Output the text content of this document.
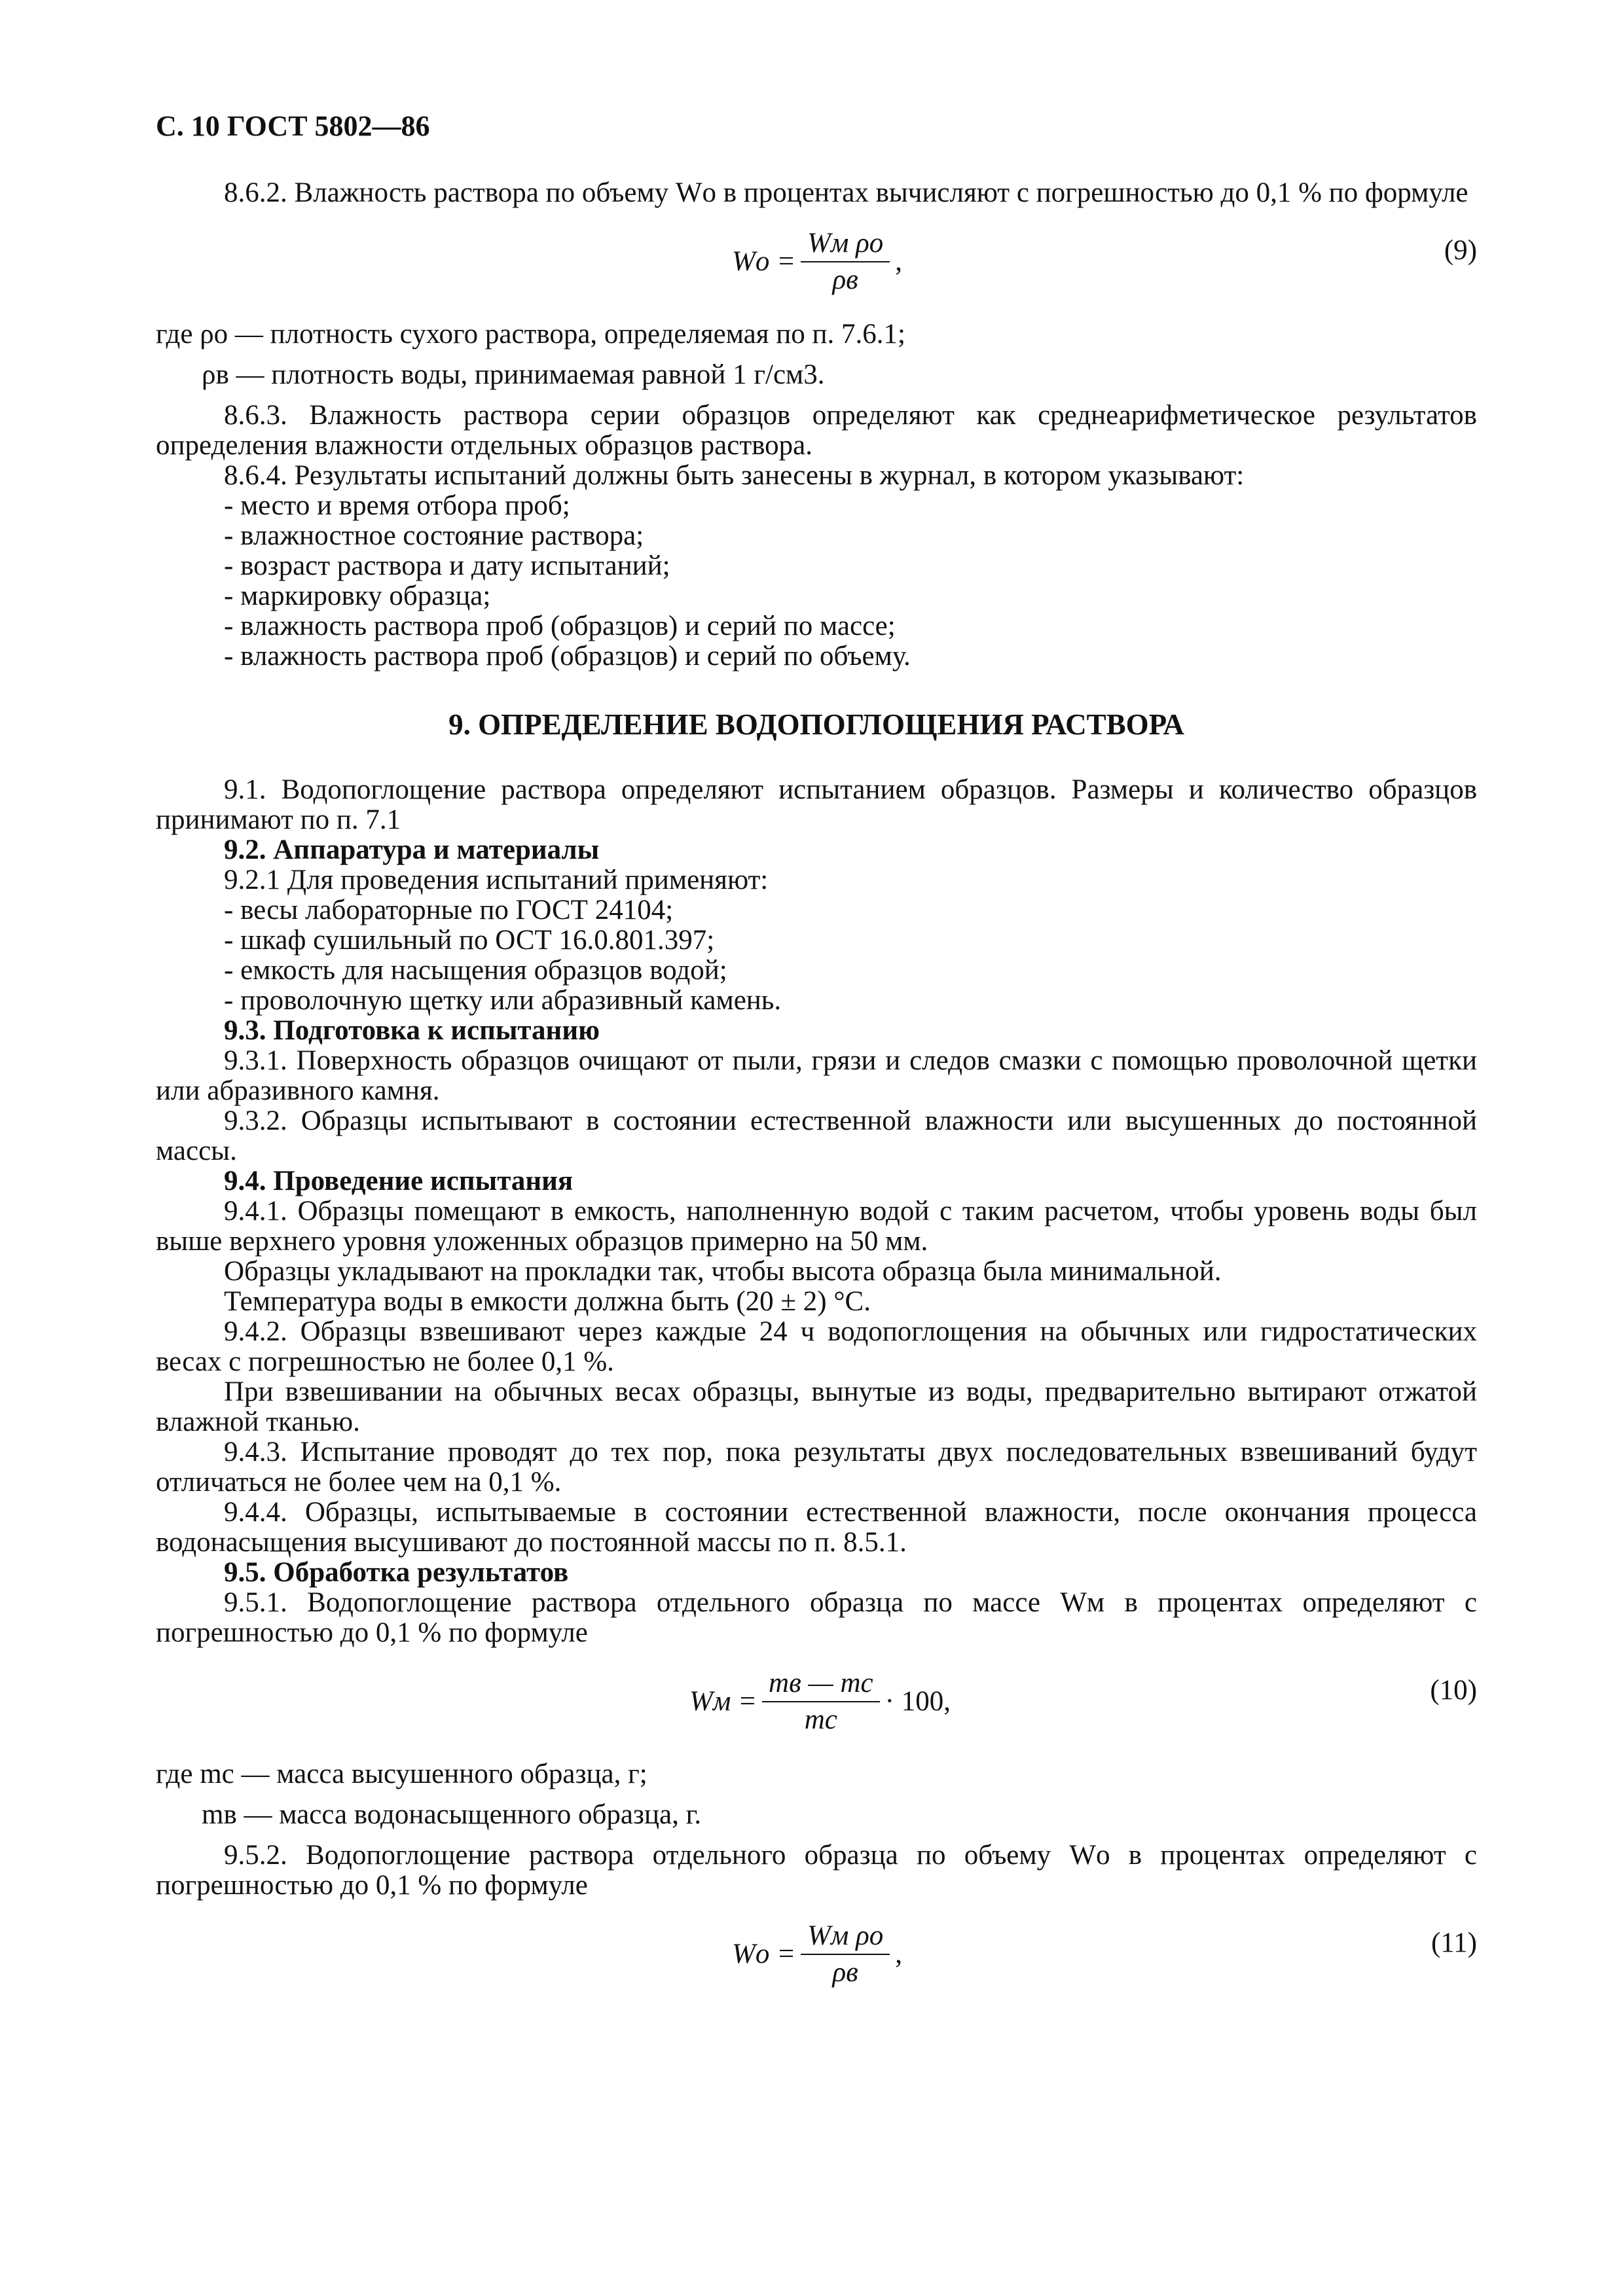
С. 10 ГОСТ 5802—86

8.6.2. Влажность раствора по объему Wо в процентах вычисляют с погрешностью до 0,1 % по формуле

Wо = $\frac{\text{Wм ρо}}{\rho в}$ ,	(9)

где ρо — плотность сухого раствора, определяемая по п. 7.6.1;

ρв — плотность воды, принимаемая равной 1 г/см3.

8.6.3. Влажность раствора серии образцов определяют как среднеарифметическое результатов определения влажности отдельных образцов раствора.

8.6.4. Результаты испытаний должны быть занесены в журнал, в котором указывают:

- место и время отбора проб;
- влажностное состояние раствора;
- возраст раствора и дату испытаний;
- маркировку образца;
- влажность раствора проб (образцов) и серий по массе;
- влажность раствора проб (образцов) и серий по объему.
9. ОПРЕДЕЛЕНИЕ ВОДОПОГЛОЩЕНИЯ РАСТВОРА

9.1. Водопоглощение раствора определяют испытанием образцов. Размеры и количество образцов принимают по п. 7.1

9.2. Аппаратура и материалы

9.2.1 Для проведения испытаний применяют:

- весы лабораторные по ГОСТ 24104;
- шкаф сушильный по ОСТ 16.0.801.397;
- емкость для насыщения образцов водой;
- проволочную щетку или абразивный камень.
9.3. Подготовка к испытанию

9.3.1. Поверхность образцов очищают от пыли, грязи и следов смазки с помощью проволочной щетки или абразивного камня.

9.3.2. Образцы испытывают в состоянии естественной влажности или высушенных до постоянной массы.

9.4. Проведение испытания

9.4.1. Образцы помещают в емкость, наполненную водой с таким расчетом, чтобы уровень воды был выше верхнего уровня уложенных образцов примерно на 50 мм.

Образцы укладывают на прокладки так, чтобы высота образца была минимальной.

Температура воды в емкости должна быть (20 ± 2) °С.

9.4.2. Образцы взвешивают через каждые 24 ч водопоглощения на обычных или гидростатических весах с погрешностью не более 0,1 %.

При взвешивании на обычных весах образцы, вынутые из воды, предварительно вытирают отжатой влажной тканью.

9.4.3. Испытание проводят до тех пор, пока результаты двух последовательных взвешиваний будут отличаться не более чем на 0,1 %.

9.4.4. Образцы, испытываемые в состоянии естественной влажности, после окончания процесса водонасыщения высушивают до постоянной массы по п. 8.5.1.

9.5. Обработка результатов

9.5.1. Водопоглощение раствора отдельного образца по массе Wм в процентах определяют с погрешностью до 0,1 % по формуле

Wм = $\frac{mв — mс}{mс} \cdot 100$,	(10)

где mс — масса высушенного образца, г;

mв — масса водонасыщенного образца, г.

9.5.2. Водопоглощение раствора отдельного образца по объему Wо в процентах определяют с погрешностью до 0,1 % по формуле

Wо = $\frac{\text{Wм ρо}}{\rho в}$ ,	(11)
